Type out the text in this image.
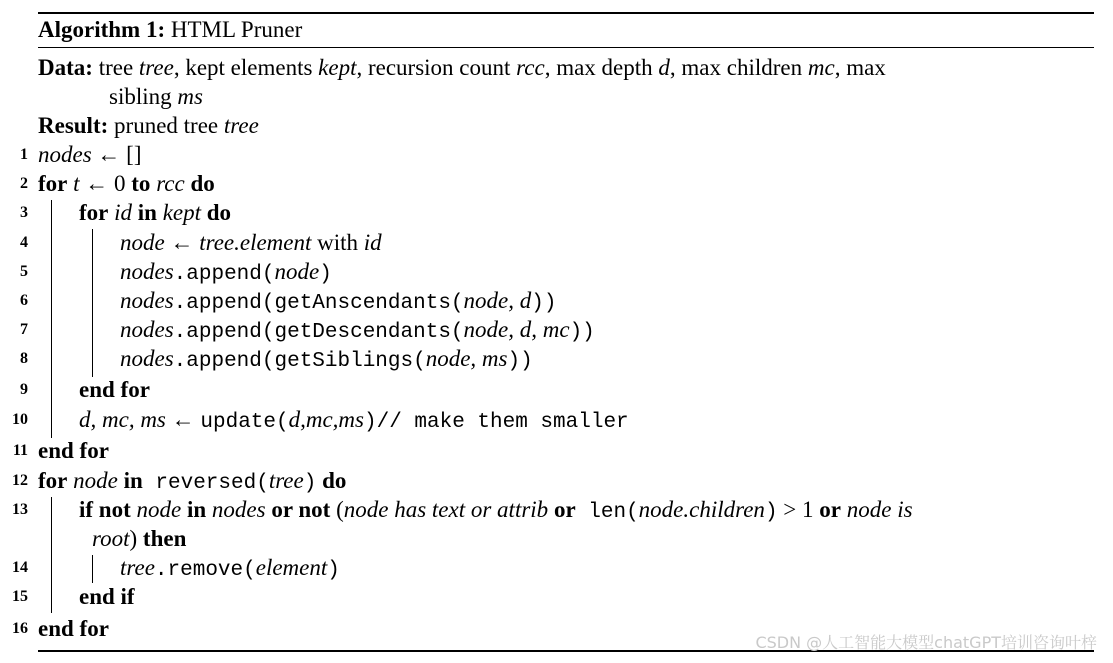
Algorithm 1: HTML Pruner
Data: tree tree, kept elements kept, recursion count rcc, max depth d, max children mc, max
sibling ms
Result: pruned tree tree
1 nodes ← []
2 for t ← 0 to rcc do
3 for id in kept do
4	node ← tree.element with id
5	nodes.append(node)
6	nodes.append(getAnscendants(node, d))
7	nodes.append(getDescendants(node, d, mc))
8	nodes.append(getSiblings(node, ms))
9 end for
10 d, mc, ms ← update(d,mc,ms)// make them smaller
11 end for
12 for node in reversed(tree) do
13 if not node in nodes or not (node has text or attrib or len(node.children) > 1 or node is
root) then
14	tree.remove(element)
15 end if
16 end for
CSDN @人工智能大模型chatGPT培训咨询叶梓
